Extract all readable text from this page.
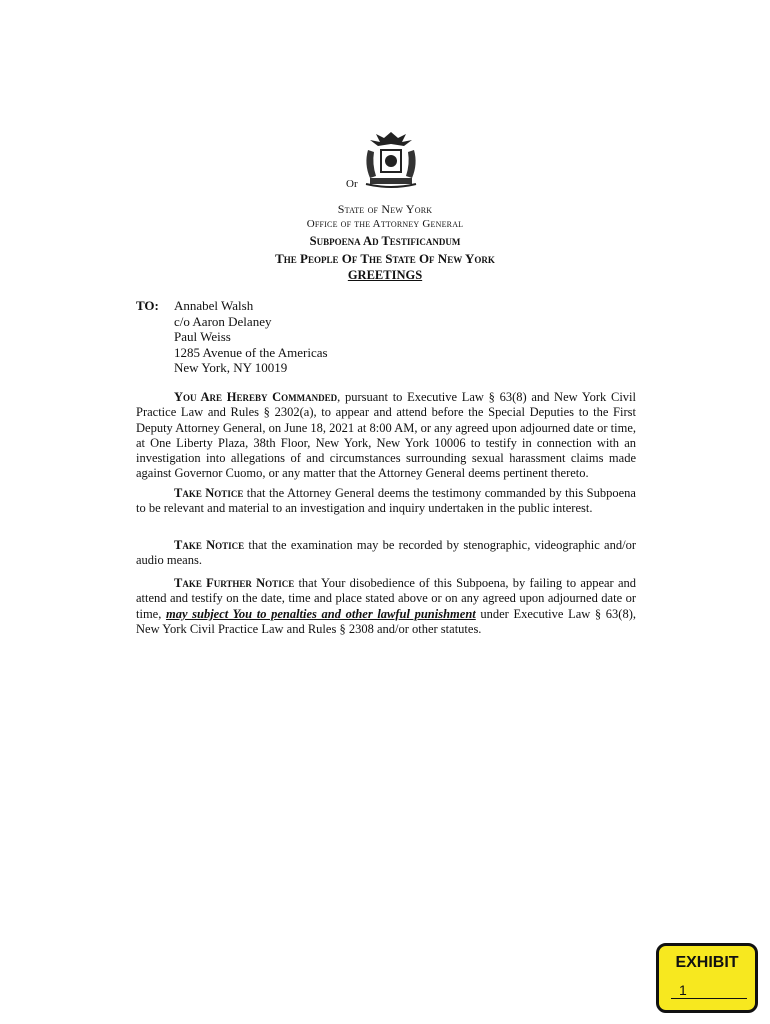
Or
State of New York
Office of the Attorney General
Subpoena Ad Testificandum
The People Of The State Of New York
GREETINGS
TO: Annabel Walsh
c/o Aaron Delaney
Paul Weiss
1285 Avenue of the Americas
New York, NY 10019
You Are Hereby Commanded, pursuant to Executive Law § 63(8) and New York Civil Practice Law and Rules § 2302(a), to appear and attend before the Special Deputies to the First Deputy Attorney General, on June 18, 2021 at 8:00 AM, or any agreed upon adjourned date or time, at One Liberty Plaza, 38th Floor, New York, New York 10006 to testify in connection with an investigation into allegations of and circumstances surrounding sexual harassment claims made against Governor Cuomo, or any matter that the Attorney General deems pertinent thereto.
Take Notice that the Attorney General deems the testimony commanded by this Subpoena to be relevant and material to an investigation and inquiry undertaken in the public interest.
Take Notice that the examination may be recorded by stenographic, videographic and/or audio means.
Take Further Notice that Your disobedience of this Subpoena, by failing to appear and attend and testify on the date, time and place stated above or on any agreed upon adjourned date or time, may subject You to penalties and other lawful punishment under Executive Law § 63(8), New York Civil Practice Law and Rules § 2308 and/or other statutes.
EXHIBIT
1
